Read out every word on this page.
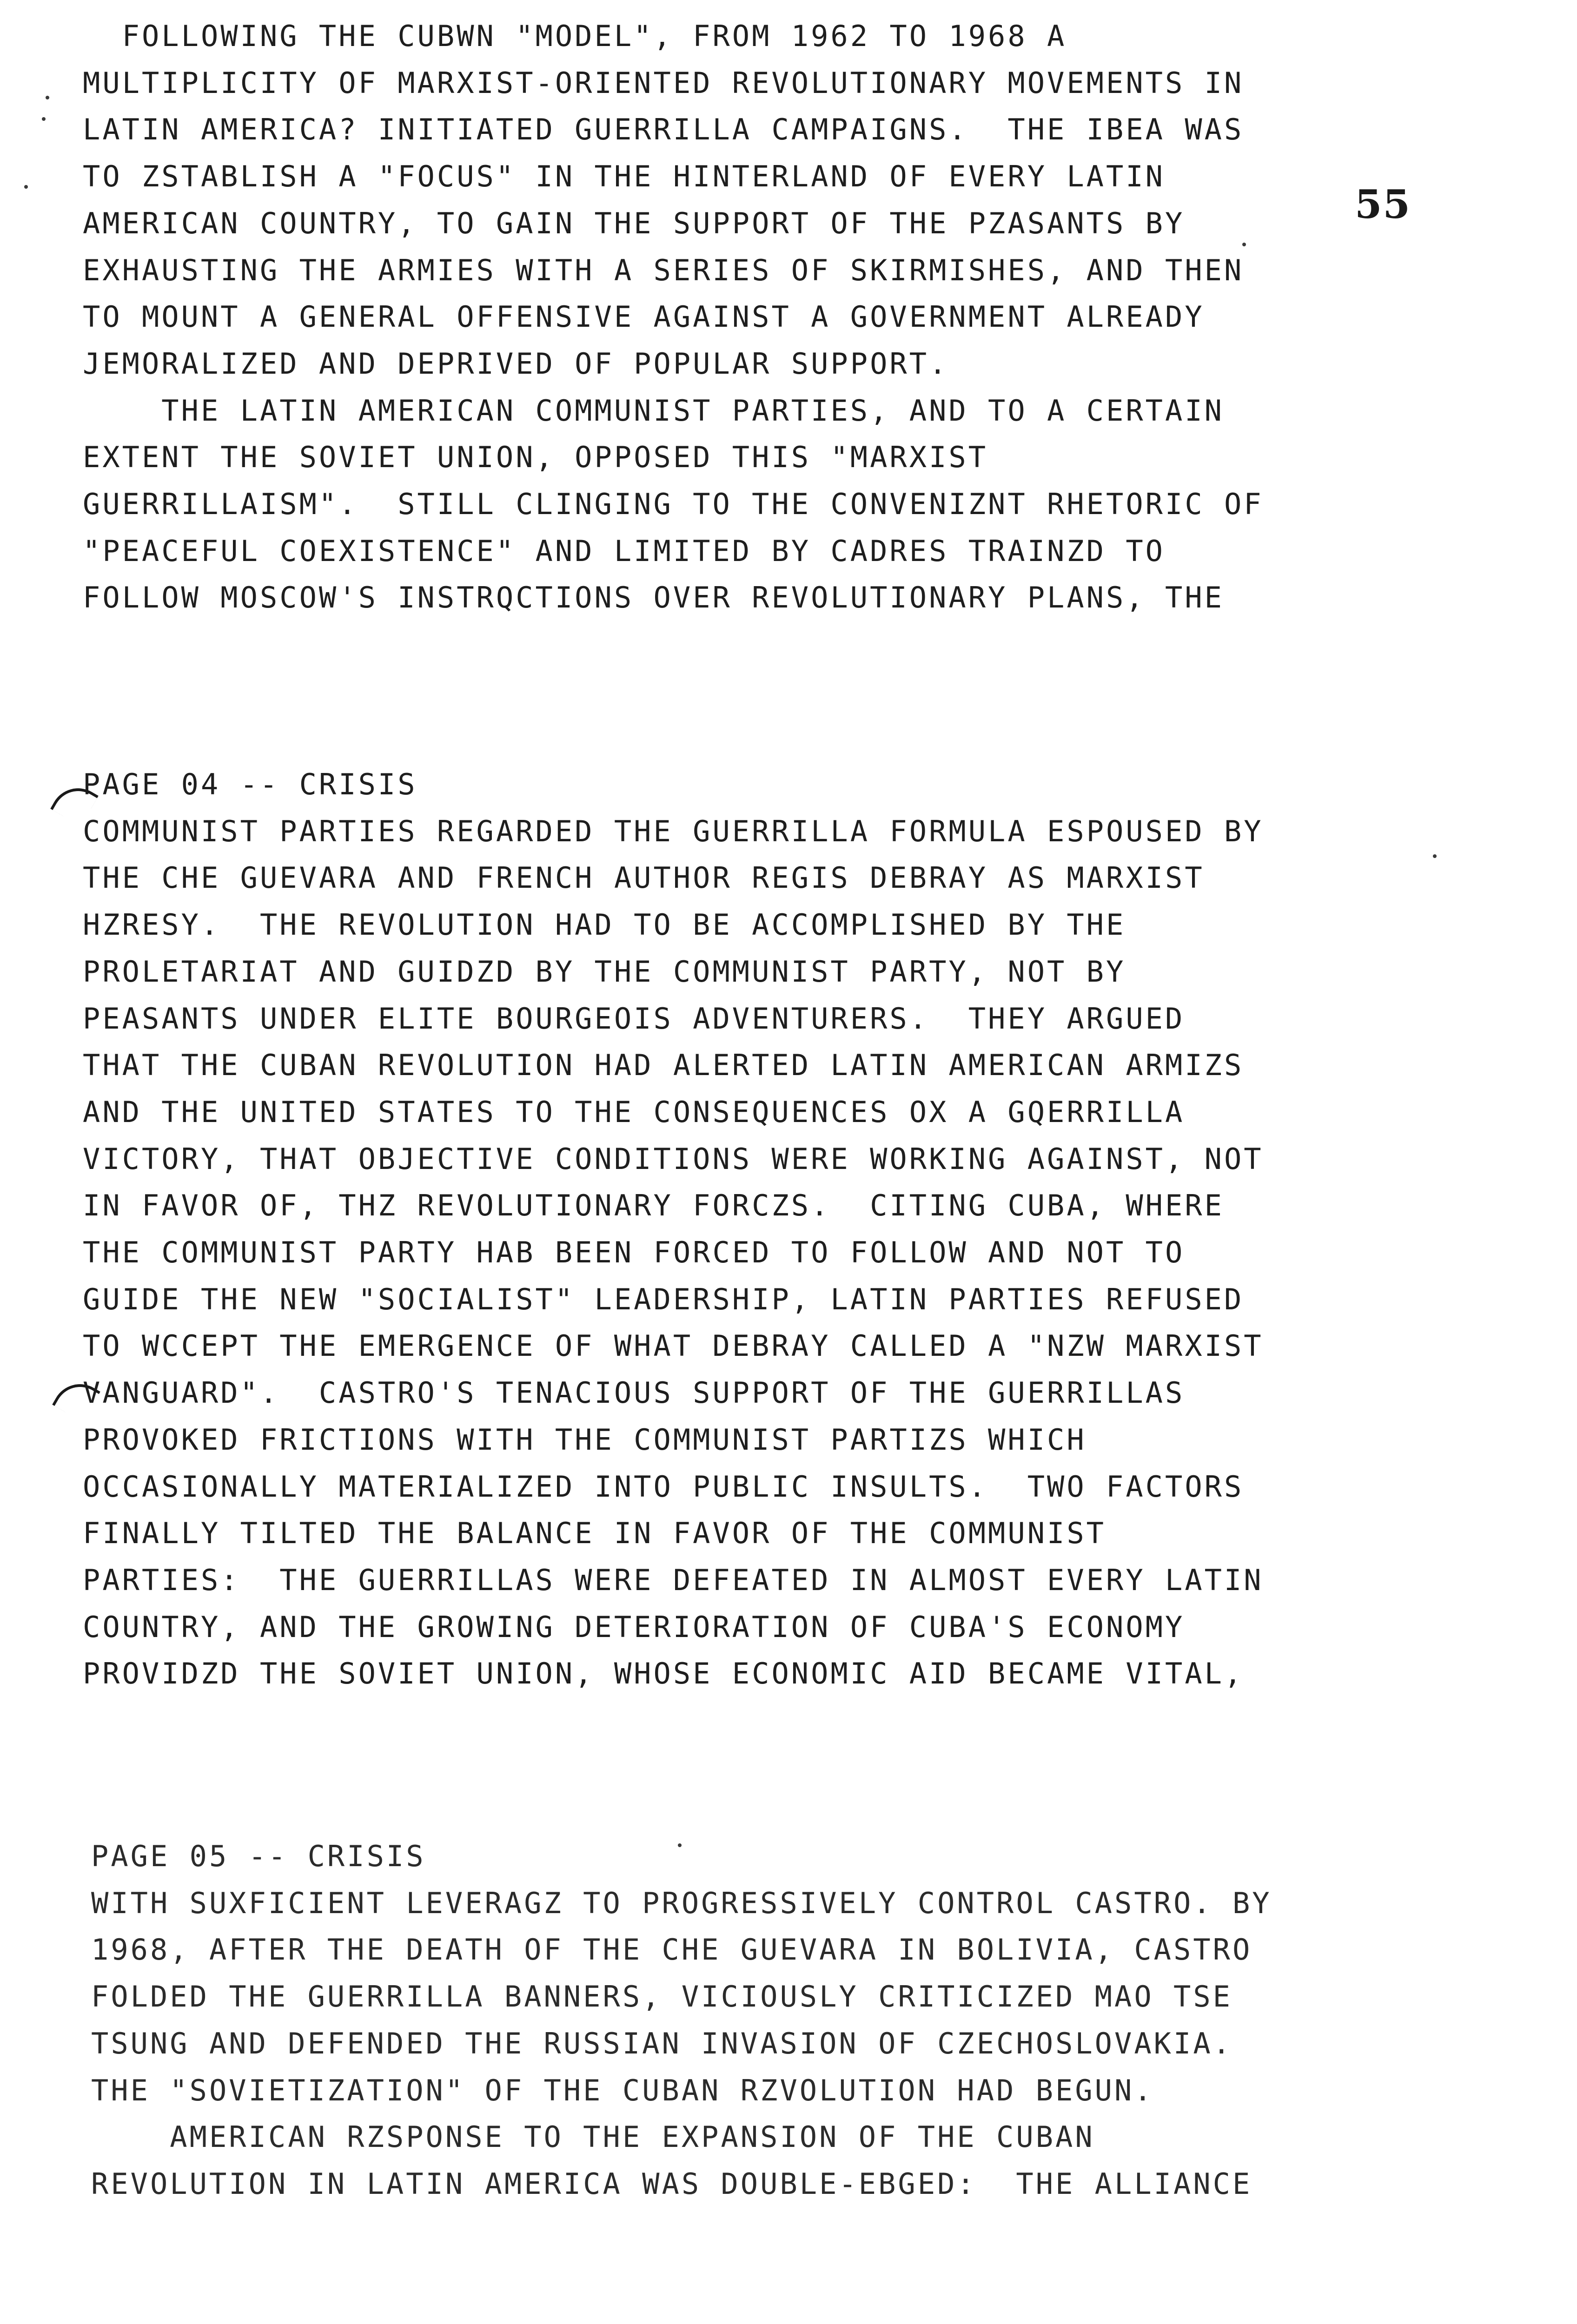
FOLLOWING THE CUBWN "MODEL", FROM 1962 TO 1968 A
MULTIPLICITY OF MARXIST-ORIENTED REVOLUTIONARY MOVEMENTS IN
LATIN AMERICA? INITIATED GUERRILLA CAMPAIGNS.  THE IBEA WAS
TO ZSTABLISH A "FOCUS" IN THE HINTERLAND OF EVERY LATIN
AMERICAN COUNTRY, TO GAIN THE SUPPORT OF THE PZASANTS BY
EXHAUSTING THE ARMIES WITH A SERIES OF SKIRMISHES, AND THEN
TO MOUNT A GENERAL OFFENSIVE AGAINST A GOVERNMENT ALREADY
JEMORALIZED AND DEPRIVED OF POPULAR SUPPORT.
THE LATIN AMERICAN COMMUNIST PARTIES, AND TO A CERTAIN
EXTENT THE SOVIET UNION, OPPOSED THIS "MARXIST
GUERRILLAISM".  STILL CLINGING TO THE CONVENIZNT RHETORIC OF
"PEACEFUL COEXISTENCE" AND LIMITED BY CADRES TRAINZD TO
FOLLOW MOSCOW'S INSTRQCTIONS OVER REVOLUTIONARY PLANS, THE
55
PAGE 04 -- CRISIS
COMMUNIST PARTIES REGARDED THE GUERRILLA FORMULA ESPOUSED BY
THE CHE GUEVARA AND FRENCH AUTHOR REGIS DEBRAY AS MARXIST
HZRESY.  THE REVOLUTION HAD TO BE ACCOMPLISHED BY THE
PROLETARIAT AND GUIDZD BY THE COMMUNIST PARTY, NOT BY
PEASANTS UNDER ELITE BOURGEOIS ADVENTURERS.  THEY ARGUED
THAT THE CUBAN REVOLUTION HAD ALERTED LATIN AMERICAN ARMIZS
AND THE UNITED STATES TO THE CONSEQUENCES OX A GQERRILLA
VICTORY, THAT OBJECTIVE CONDITIONS WERE WORKING AGAINST, NOT
IN FAVOR OF, THZ REVOLUTIONARY FORCZS.  CITING CUBA, WHERE
THE COMMUNIST PARTY HAB BEEN FORCED TO FOLLOW AND NOT TO
GUIDE THE NEW "SOCIALIST" LEADERSHIP, LATIN PARTIES REFUSED
TO WCCEPT THE EMERGENCE OF WHAT DEBRAY CALLED A "NZW MARXIST
VANGUARD".  CASTRO'S TENACIOUS SUPPORT OF THE GUERRILLAS
PROVOKED FRICTIONS WITH THE COMMUNIST PARTIZS WHICH
OCCASIONALLY MATERIALIZED INTO PUBLIC INSULTS.  TWO FACTORS
FINALLY TILTED THE BALANCE IN FAVOR OF THE COMMUNIST
PARTIES:  THE GUERRILLAS WERE DEFEATED IN ALMOST EVERY LATIN
COUNTRY, AND THE GROWING DETERIORATION OF CUBA'S ECONOMY
PROVIDZD THE SOVIET UNION, WHOSE ECONOMIC AID BECAME VITAL,
PAGE 05 -- CRISIS
WITH SUXFICIENT LEVERAGZ TO PROGRESSIVELY CONTROL CASTRO. BY
1968, AFTER THE DEATH OF THE CHE GUEVARA IN BOLIVIA, CASTRO
FOLDED THE GUERRILLA BANNERS, VICIOUSLY CRITICIZED MAO TSE
TSUNG AND DEFENDED THE RUSSIAN INVASION OF CZECHOSLOVAKIA.
THE "SOVIETIZATION" OF THE CUBAN RZVOLUTION HAD BEGUN.
AMERICAN RZSPONSE TO THE EXPANSION OF THE CUBAN
REVOLUTION IN LATIN AMERICA WAS DOUBLE-EBGED:  THE ALLIANCE
